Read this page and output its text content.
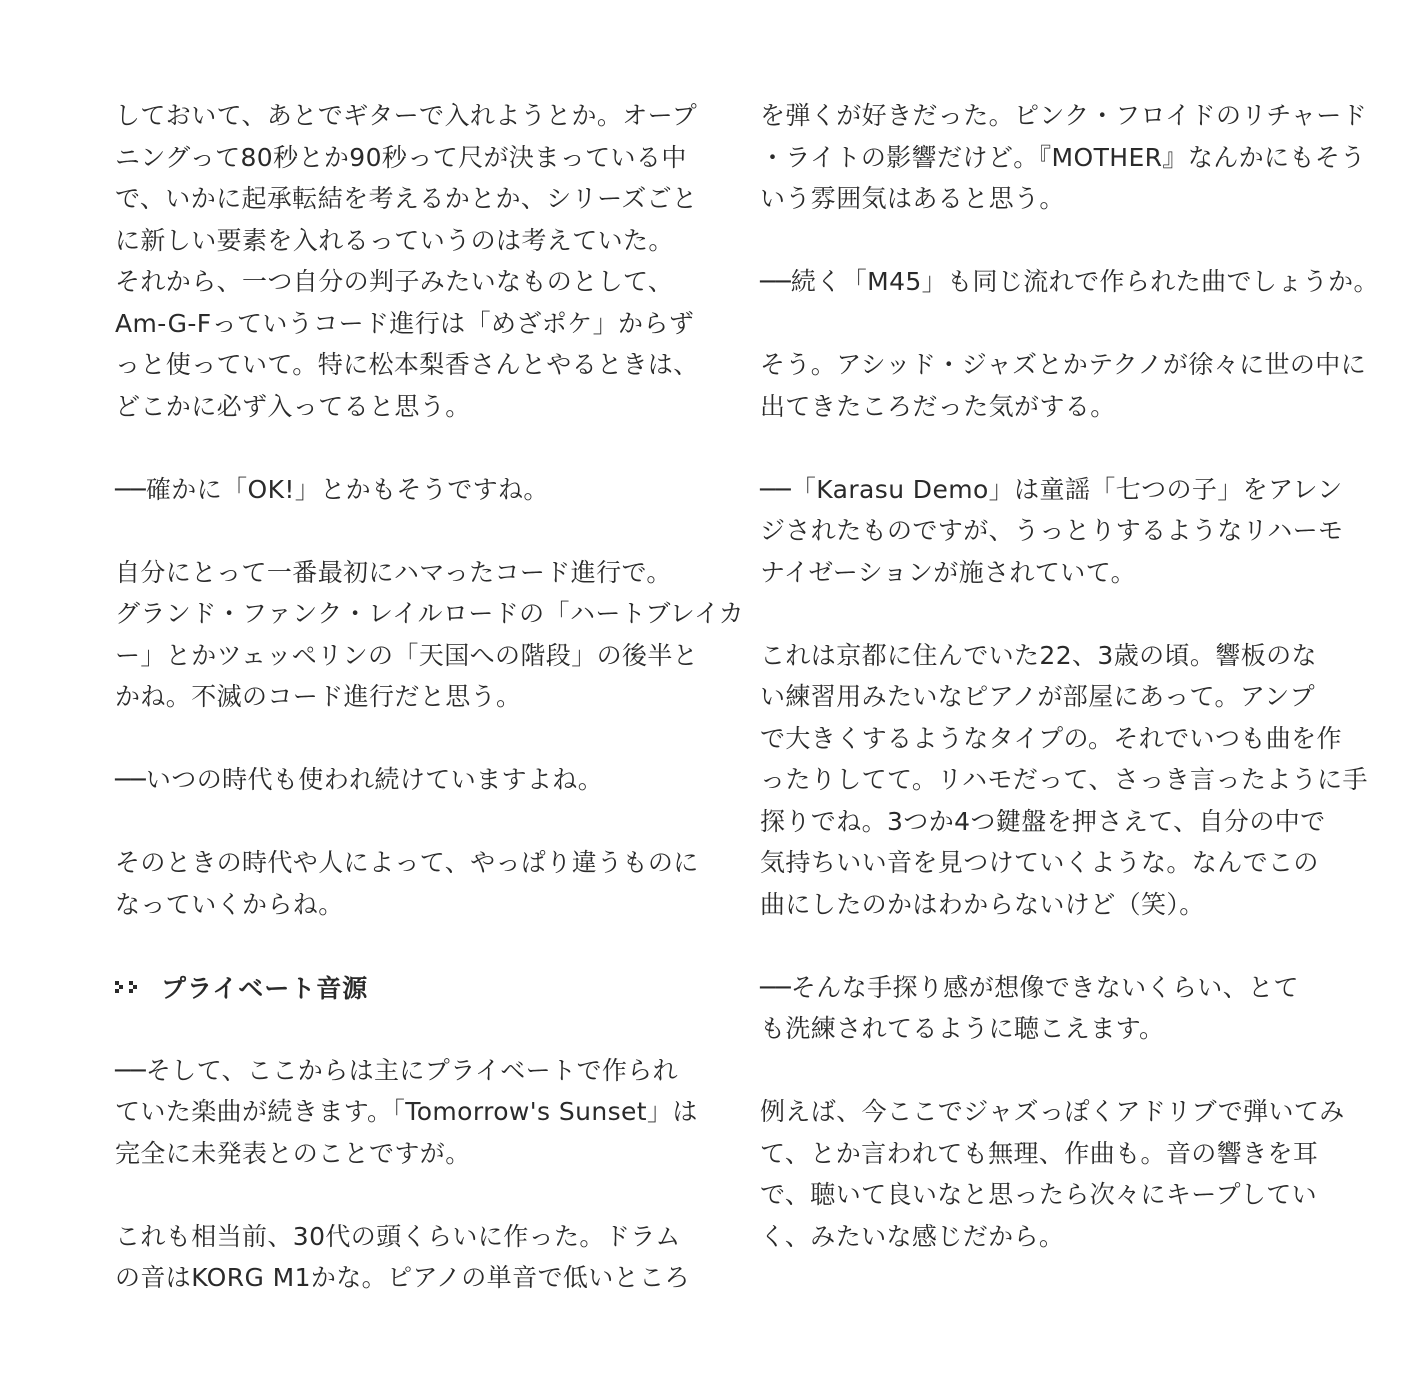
しておいて、あとでギターで入れようとか。オープ
ニングって80秒とか90秒って尺が決まっている中
で、いかに起承転結を考えるかとか、シリーズごと
に新しい要素を入れるっていうのは考えていた。
それから、一つ自分の判子みたいなものとして、
Am-G-Fっていうコード進行は「めざポケ」からず
っと使っていて。特に松本梨香さんとやるときは、
どこかに必ず入ってると思う。

──確かに「OK!」とかもそうですね。

自分にとって一番最初にハマったコード進行で。
グランド・ファンク・レイルロードの「ハートブレイカ
ー」とかツェッペリンの「天国への階段」の後半と
かね。不滅のコード進行だと思う。

──いつの時代も使われ続けていますよね。

そのときの時代や人によって、やっぱり違うものに
なっていくからね。

プライベート音源

──そして、ここからは主にプライベートで作られ
ていた楽曲が続きます。「Tomorrow's Sunset」は
完全に未発表とのことですが。

これも相当前、30代の頭くらいに作った。ドラム
の音はKORG M1かな。ピアノの単音で低いところ

を弾くが好きだった。ピンク・フロイドのリチャード
・ライトの影響だけど。『MOTHER』なんかにもそう
いう雰囲気はあると思う。

──続く「M45」も同じ流れで作られた曲でしょうか。

そう。アシッド・ジャズとかテクノが徐々に世の中に
出てきたころだった気がする。

──「Karasu Demo」は童謡「七つの子」をアレン
ジされたものですが、うっとりするようなリハーモ
ナイゼーションが施されていて。

これは京都に住んでいた22、3歳の頃。響板のな
い練習用みたいなピアノが部屋にあって。アンプ
で大きくするようなタイプの。それでいつも曲を作
ったりしてて。リハモだって、さっき言ったように手
探りでね。3つか4つ鍵盤を押さえて、自分の中で
気持ちいい音を見つけていくような。なんでこの
曲にしたのかはわからないけど（笑）。

──そんな手探り感が想像できないくらい、とて
も洗練されてるように聴こえます。

例えば、今ここでジャズっぽくアドリブで弾いてみ
て、とか言われても無理、作曲も。音の響きを耳
で、聴いて良いなと思ったら次々にキープしてい
く、みたいな感じだから。
